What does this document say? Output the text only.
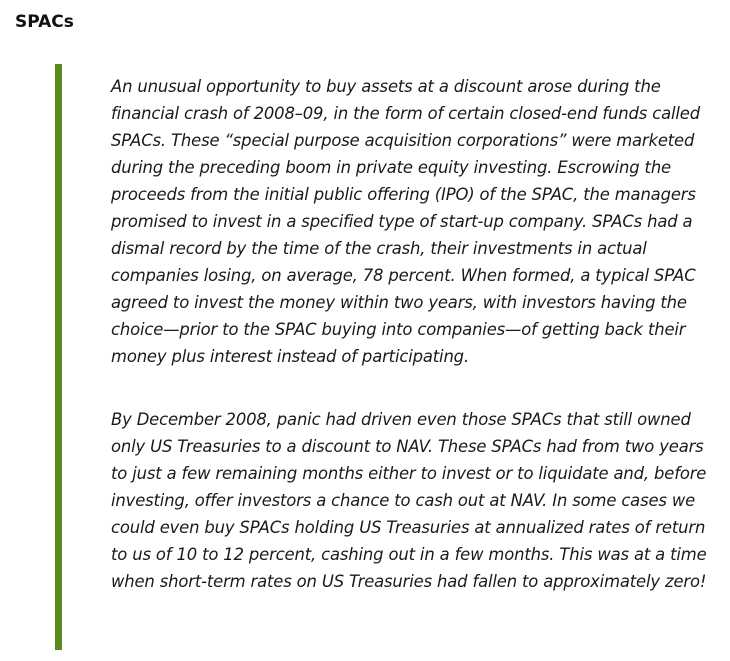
SPACs

An unusual opportunity to buy assets at a discount arose during the financial crash of 2008–09, in the form of certain closed-end funds called SPACs. These “special purpose acquisition corporations” were marketed during the preceding boom in private equity investing. Escrowing the proceeds from the initial public offering (IPO) of the SPAC, the managers promised to invest in a specified type of start-up company. SPACs had a dismal record by the time of the crash, their investments in actual companies losing, on average, 78 percent. When formed, a typical SPAC agreed to invest the money within two years, with investors having the choice—prior to the SPAC buying into companies—of getting back their money plus interest instead of participating.

By December 2008, panic had driven even those SPACs that still owned only US Treasuries to a discount to NAV. These SPACs had from two years to just a few remaining months either to invest or to liquidate and, before investing, offer investors a chance to cash out at NAV. In some cases we could even buy SPACs holding US Treasuries at annualized rates of return to us of 10 to 12 percent, cashing out in a few months. This was at a time when short-term rates on US Treasuries had fallen to approximately zero!
